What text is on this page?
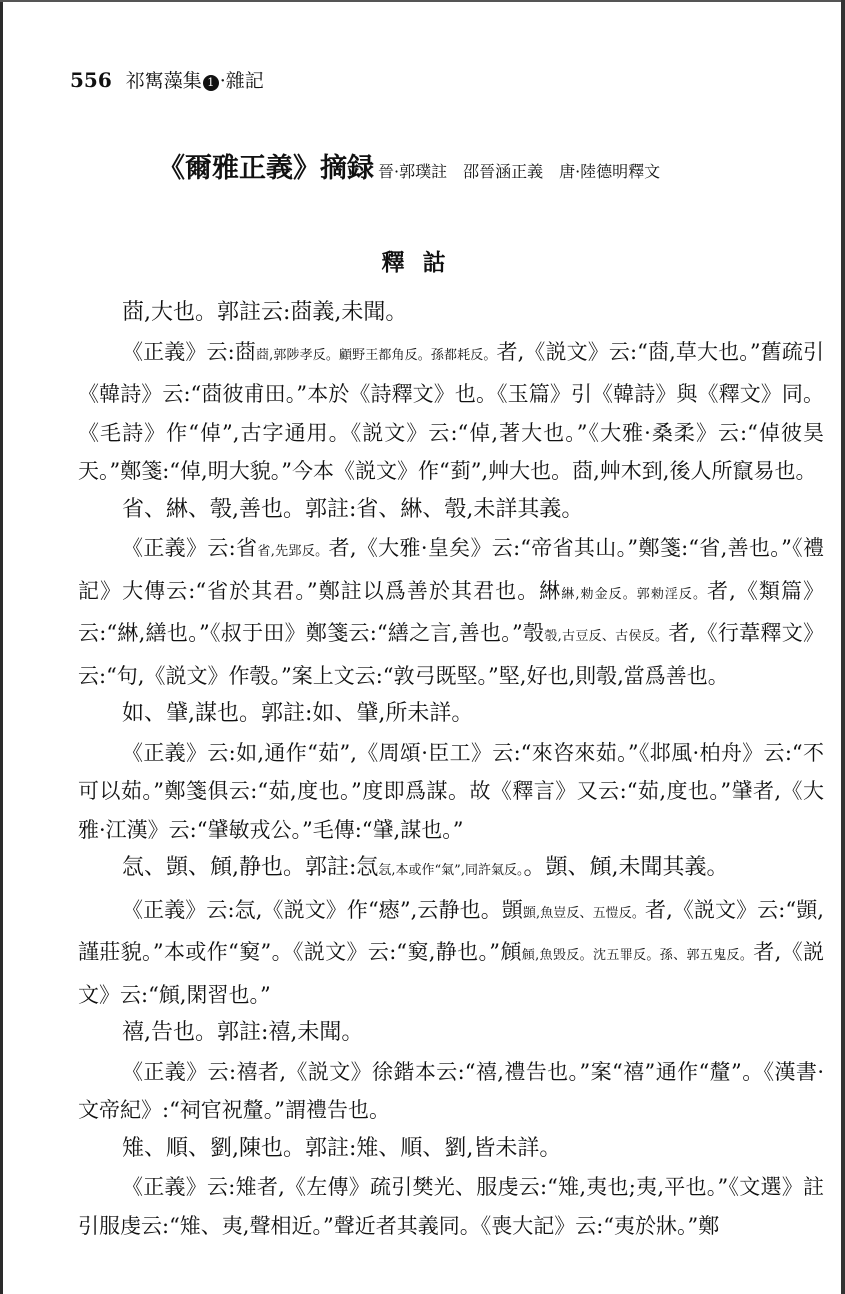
556 祁寯藻集 1 ·雜記
《爾雅正義》摘録 晉·郭璞註　邵晉涵正義　唐·陸德明釋文
釋詁

莔,大也。郭註云:莔義,未聞。

《正義》云:莔莔,郭陟孝反。顧野王都角反。孫都耗反。者,《説文》云:“莔,草大也。”舊疏引《韓詩》云:“莔彼甫田。”本於《詩釋文》也。《玉篇》引《韓詩》與《釋文》同。《毛詩》作“倬”,古字通用。《説文》云:“倬,著大也。”《大雅·桑柔》云:“倬彼昊天。”鄭箋:“倬,明大貌。”今本《説文》作“菿”,艸大也。莔,艸木到,後人所竄易也。

省、綝、彀,善也。郭註:省、綝、彀,未詳其義。

《正義》云:省省,先郢反。者,《大雅·皇矣》云:“帝省其山。”鄭箋:“省,善也。”《禮記》大傳云:“省於其君。”鄭註以爲善於其君也。綝綝,勑金反。郭勑淫反。者,《類篇》云:“綝,繕也。”《叔于田》鄭箋云:“繕之言,善也。”彀彀,古豆反、古侯反。者,《行葦釋文》云:“句,《説文》作彀。”案上文云:“敦弓既堅。”堅,好也,則彀,當爲善也。

如、肈,謀也。郭註:如、肈,所未詳。

《正義》云:如,通作“茹”,《周頌·臣工》云:“來咨來茹。”《邶風·柏舟》云:“不可以茹。”鄭箋俱云:“茹,度也。”度即爲謀。故《釋言》又云:“茹,度也。”肈者,《大雅·江漢》云:“肈敏戎公。”毛傳:“肈,謀也。”

忥、顗、頠,静也。郭註:忥忥,本或作“氣”,同許氣反。。顗、頠,未聞其義。

《正義》云:忥,《説文》作“瘱”,云静也。顗顗,魚豈反、五愷反。者,《説文》云:“顗,謹莊貌。”本或作“窫”。《説文》云:“窫,静也。”頠頠,魚毁反。沈五罪反。孫、郭五鬼反。者,《説文》云:“頠,閑習也。”

禧,告也。郭註:禧,未聞。

《正義》云:禧者,《説文》徐鍇本云:“禧,禮告也。”案“禧”通作“釐”。《漢書·文帝紀》:“祠官祝釐。”謂禮告也。

雉、順、劉,陳也。郭註:雉、順、劉,皆未詳。

《正義》云:雉者,《左傳》疏引樊光、服虔云:“雉,夷也;夷,平也。”《文選》註引服虔云:“雉、夷,聲相近。”聲近者其義同。《喪大記》云:“夷於牀。”鄭
